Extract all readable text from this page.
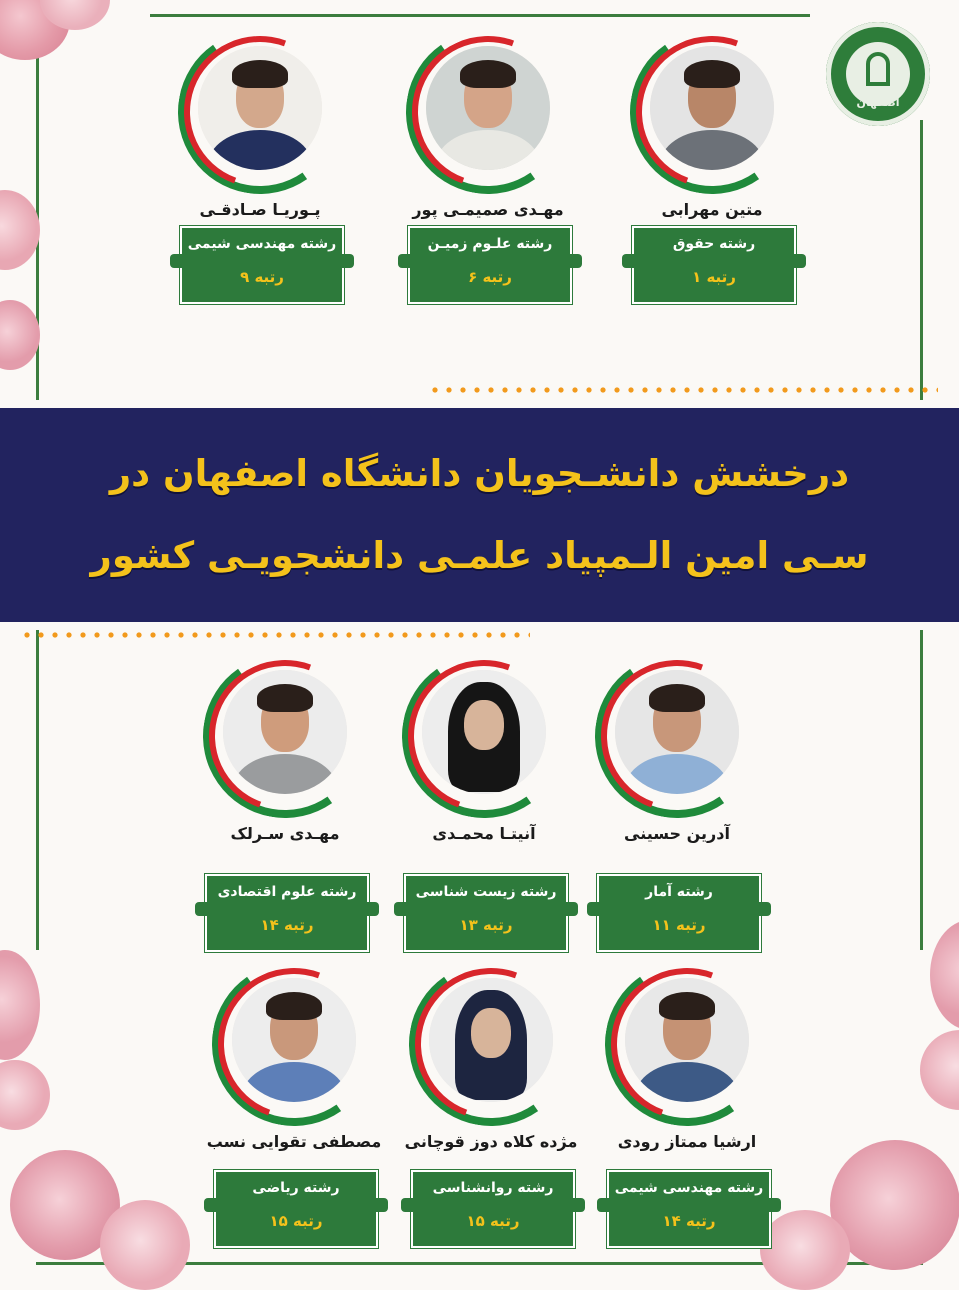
اصفهان
درخشش دانشـجویان دانشگاه اصفهان در
سـی امین الـمپیاد علمـی دانشجویـی کشور
متین مهرابی
رشته حقوق
رتبه ۱
مهـدی صمیمـی پور
رشته علـوم زمیـن
رتبه ۶
پـوریـا صـادقـی
رشته مهندسی شیمی
رتبه ۹
آدرین حسینی
رشته آمار
رتبه ۱۱
آنیتـا محمـدی
رشته زیست شناسی
رتبه ۱۳
مهـدی سـرلک
رشته علوم اقتصادی
رتبه ۱۴
ارشیا ممتاز رودی
رشته مهندسی شیمی
رتبه ۱۴
مژده کلاه دوز قوچانی
رشته روانشناسی
رتبه ۱۵
مصطفی تقوایی نسب
رشته ریاضی
رتبه ۱۵
